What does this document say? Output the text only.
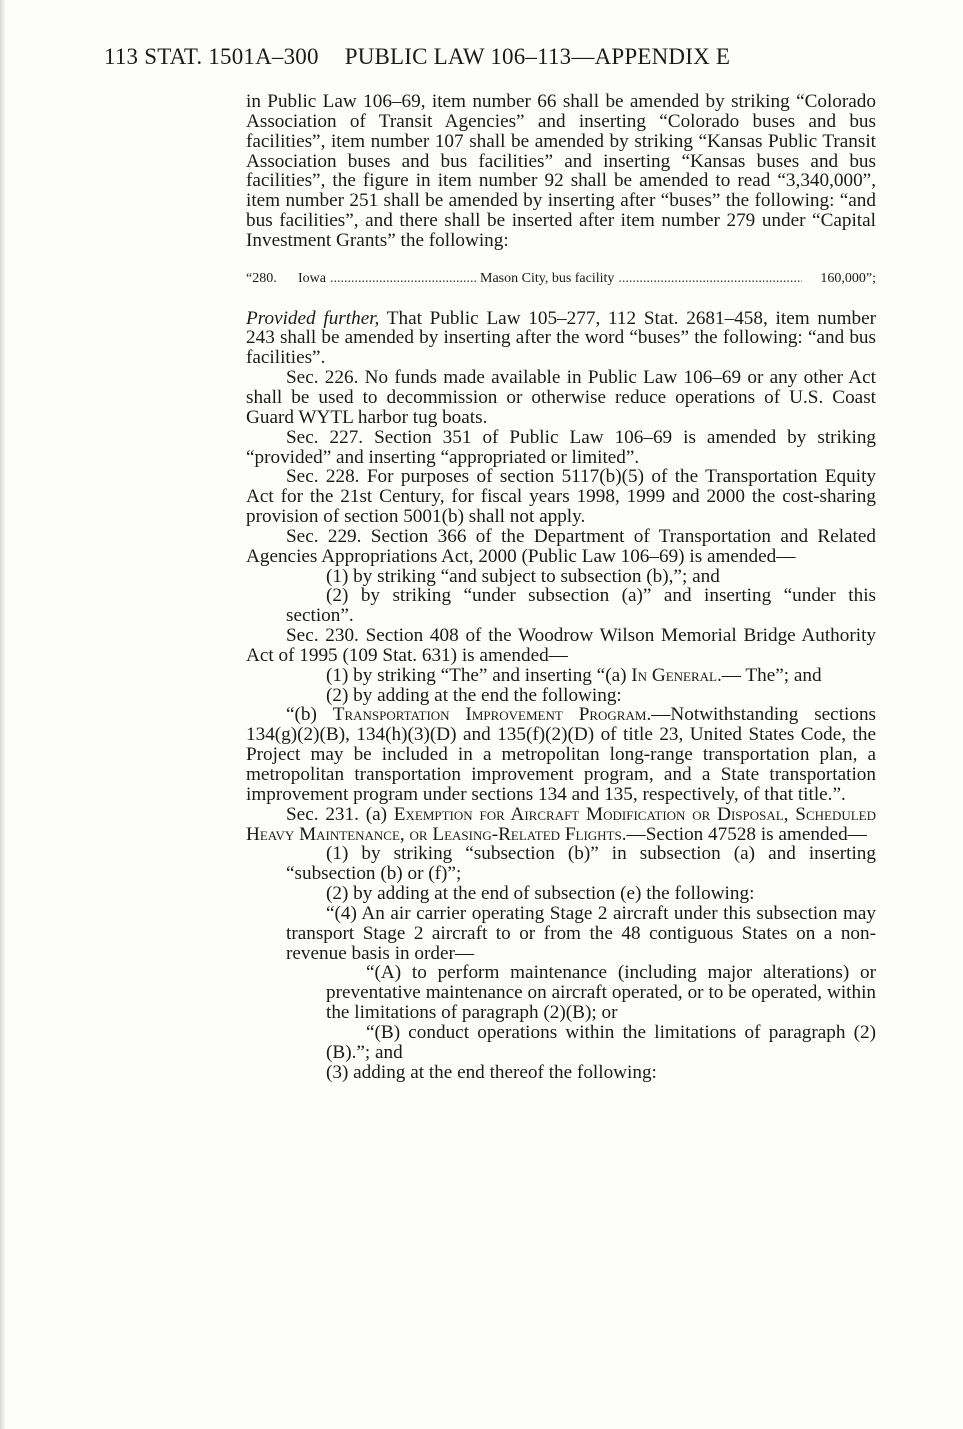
113 STAT. 1501A–300 PUBLIC LAW 106–113—APPENDIX E

in Public Law 106–69, item number 66 shall be amended by striking “Colorado Association of Transit Agencies” and inserting “Colorado buses and bus facilities”, item number 107 shall be amended by striking “Kansas Public Transit Association buses and bus facilities” and inserting “Kansas buses and bus facilities”, the figure in item number 92 shall be amended to read “3,340,000”, item number 251 shall be amended by inserting after “buses” the following: “and bus facilities”, and there shall be inserted after item number 279 under “Capital Investment Grants” the following:

“280.	Iowa .....	Mason City, bus facility .....	160,000”;

Provided further, That Public Law 105–277, 112 Stat. 2681–458, item number 243 shall be amended by inserting after the word “buses” the following: “and bus facilities”.

Sec. 226. No funds made available in Public Law 106–69 or any other Act shall be used to decommission or otherwise reduce operations of U.S. Coast Guard WYTL harbor tug boats.

Sec. 227. Section 351 of Public Law 106–69 is amended by striking “provided” and inserting “appropriated or limited”.

Sec. 228. For purposes of section 5117(b)(5) of the Transportation Equity Act for the 21st Century, for fiscal years 1998, 1999 and 2000 the cost-sharing provision of section 5001(b) shall not apply.

Sec. 229. Section 366 of the Department of Transportation and Related Agencies Appropriations Act, 2000 (Public Law 106–69) is amended—

(1) by striking “and subject to subsection (b),”; and

(2) by striking “under subsection (a)” and inserting “under this section”.

Sec. 230. Section 408 of the Woodrow Wilson Memorial Bridge Authority Act of 1995 (109 Stat. 631) is amended—

(1) by striking “The” and inserting “(a) In General.— The”; and

(2) by adding at the end the following:

“(b) Transportation Improvement Program.—Notwithstanding sections 134(g)(2)(B), 134(h)(3)(D) and 135(f)(2)(D) of title 23, United States Code, the Project may be included in a metropolitan long-range transportation plan, a metropolitan transportation improvement program, and a State transportation improvement program under sections 134 and 135, respectively, of that title.”.

Sec. 231. (a) Exemption for Aircraft Modification or Disposal, Scheduled Heavy Maintenance, or Leasing-Related Flights.—Section 47528 is amended—

(1) by striking “subsection (b)” in subsection (a) and inserting “subsection (b) or (f)”;

(2) by adding at the end of subsection (e) the following:

“(4) An air carrier operating Stage 2 aircraft under this subsection may transport Stage 2 aircraft to or from the 48 contiguous States on a non-revenue basis in order—

“(A) to perform maintenance (including major alterations) or preventative maintenance on aircraft operated, or to be operated, within the limitations of paragraph (2)(B); or

“(B) conduct operations within the limitations of paragraph (2)(B).”; and

(3) adding at the end thereof the following:
